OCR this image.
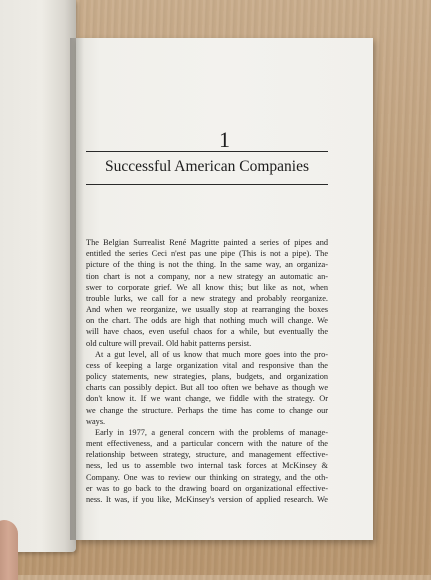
1
Successful American Companies
The Belgian Surrealist René Magritte painted a series of pipes and
entitled the series Ceci n'est pas une pipe (This is not a pipe). The
picture of the thing is not the thing. In the same way, an organiza-
tion chart is not a company, nor a new strategy an automatic an-
swer to corporate grief. We all know this; but like as not, when
trouble lurks, we call for a new strategy and probably reorganize.
And when we reorganize, we usually stop at rearranging the boxes
on the chart. The odds are high that nothing much will change. We
will have chaos, even useful chaos for a while, but eventually the
old culture will prevail. Old habit patterns persist.
At a gut level, all of us know that much more goes into the pro-
cess of keeping a large organization vital and responsive than the
policy statements, new strategies, plans, budgets, and organization
charts can possibly depict. But all too often we behave as though we
don't know it. If we want change, we fiddle with the strategy. Or
we change the structure. Perhaps the time has come to change our
ways.
Early in 1977, a general concern with the problems of manage-
ment effectiveness, and a particular concern with the nature of the
relationship between strategy, structure, and management effective-
ness, led us to assemble two internal task forces at McKinsey &
Company. One was to review our thinking on strategy, and the oth-
er was to go back to the drawing board on organizational effective-
ness. It was, if you like, McKinsey's version of applied research. We
